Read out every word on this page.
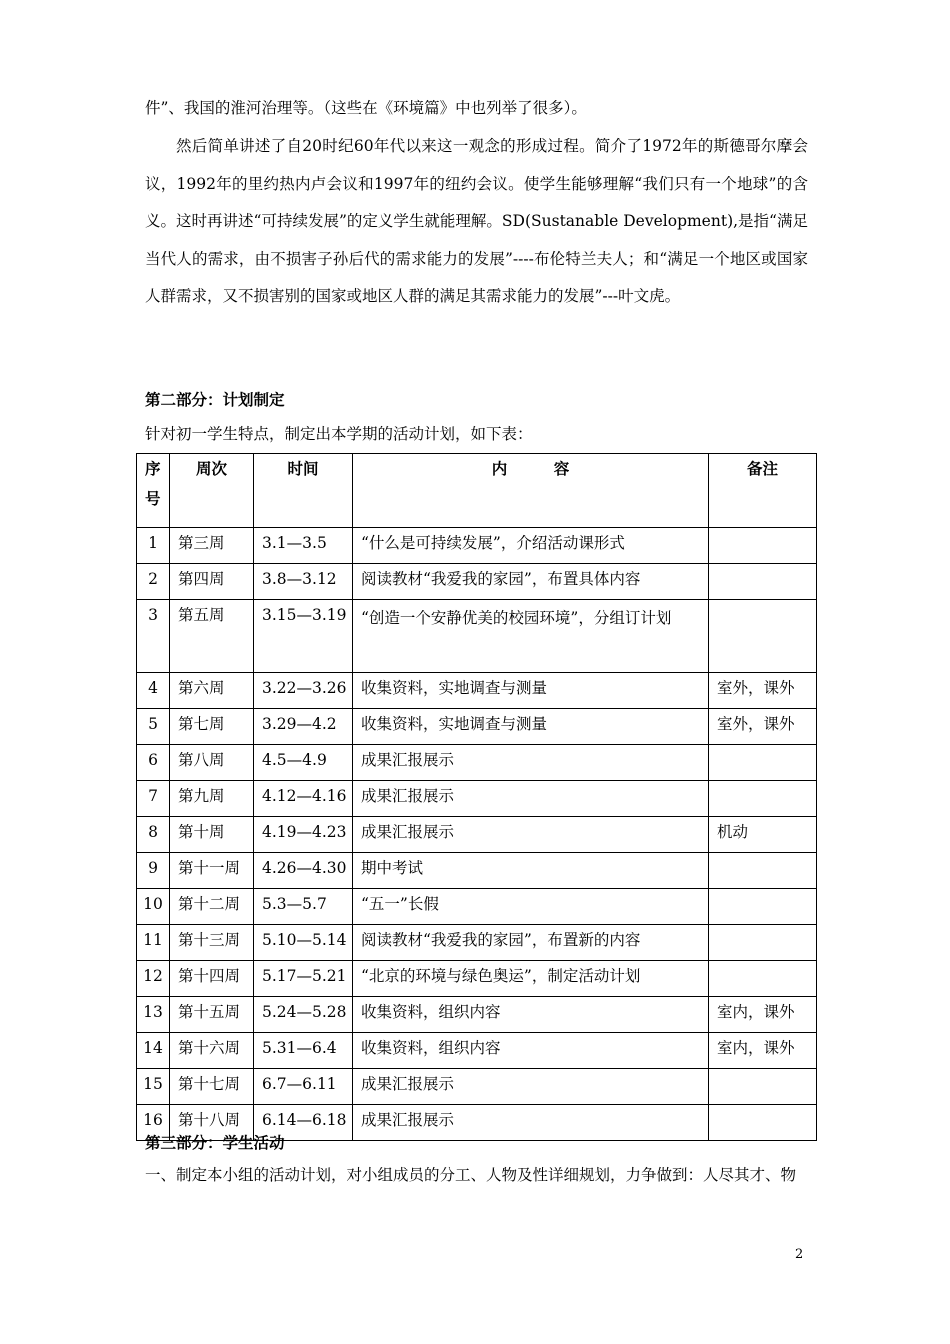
件”、我国的淮河治理等。（这些在《环境篇》中也列举了很多）。
然后简单讲述了自20时纪60年代以来这一观念的形成过程。简介了1972年的斯德哥尔摩会议，1992年的里约热内卢会议和1997年的纽约会议。使学生能够理解“我们只有一个地球”的含义。这时再讲述“可持续发展”的定义学生就能理解。SD(Sustanable Development),是指“满足当代人的需求，由不损害子孙后代的需求能力的发展”----布伦特兰夫人；和“满足一个地区或国家人群需求，又不损害别的国家或地区人群的满足其需求能力的发展”---叶文虎。
第二部分：计划制定
针对初一学生特点，制定出本学期的活动计划，如下表：
序号	周次	时间	内　　　容	备注
1	第三周	3.1—3.5	“什么是可持续发展”，介绍活动课形式	
2	第四周	3.8—3.12	阅读教材“我爱我的家园”，布置具体内容	
3	第五周	3.15—3.19	“创造一个安静优美的校园环境”，分组订计划	
4	第六周	3.22—3.26	收集资料，实地调查与测量	室外，课外
5	第七周	3.29—4.2	收集资料，实地调查与测量	室外，课外
6	第八周	4.5—4.9	成果汇报展示	
7	第九周	4.12—4.16	成果汇报展示	
8	第十周	4.19—4.23	成果汇报展示	机动
9	第十一周	4.26—4.30	期中考试	
10	第十二周	5.3—5.7	“五一”长假	
11	第十三周	5.10—5.14	阅读教材“我爱我的家园”，布置新的内容	
12	第十四周	5.17—5.21	“北京的环境与绿色奥运”，制定活动计划	
13	第十五周	5.24—5.28	收集资料，组织内容	室内，课外
14	第十六周	5.31—6.4	收集资料，组织内容	室内，课外
15	第十七周	6.7—6.11	成果汇报展示	
16	第十八周	6.14—6.18	成果汇报展示	
第三部分：学生活动
一、制定本小组的活动计划，对小组成员的分工、人物及性详细规划，力争做到：人尽其才、物
2
